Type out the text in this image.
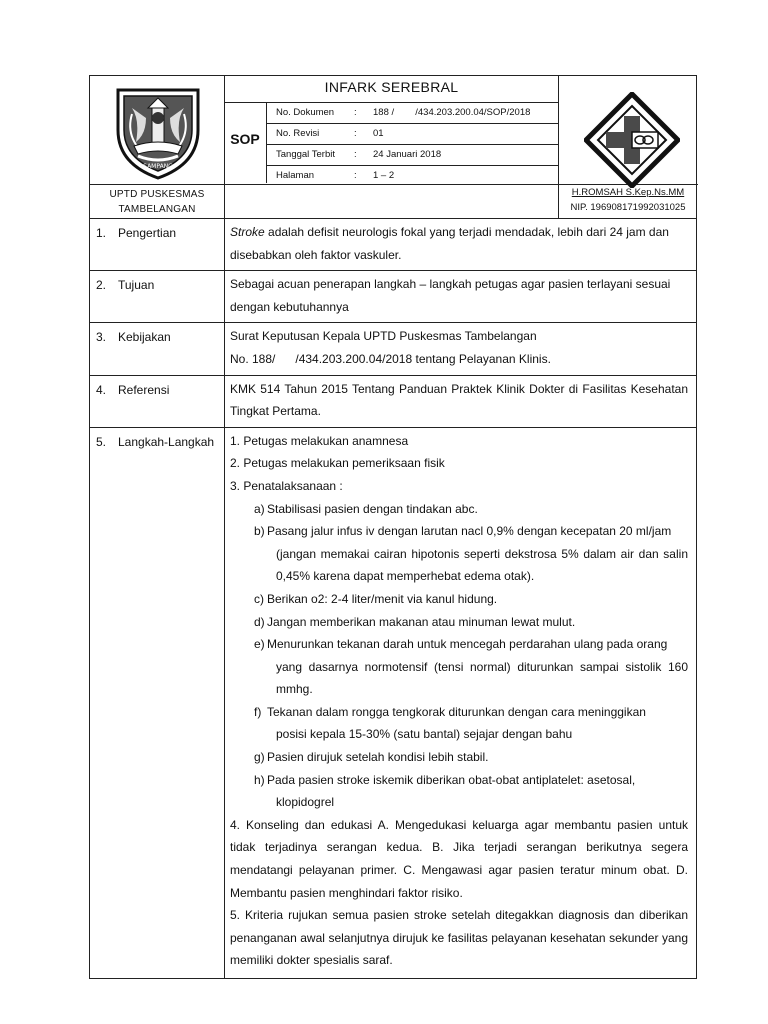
SAMPANG
UPTD PUSKESMAS
TAMBELANGAN
INFARK SEREBRAL
SOP
No. Dokumen : 188 /        /434.203.200.04/SOP/2018
No. Revisi	: 01
Tanggal Terbit : 24 Januari 2018
Halaman	: 1 – 2
H.ROMSAH S.Kep.Ns.MM
NIP. 196908171992031025
1. Pengertian	Stroke adalah defisit neurologis fokal yang terjadi mendadak, lebih dari 24 jam dan

disebabkan oleh faktor vaskuler.

2. Tujuan	Sebagai acuan penerapan langkah – langkah petugas agar pasien terlayani sesuai

dengan kebutuhannya

3. Kebijakan	Surat Keputusan Kepala UPTD Puskesmas Tambelangan

No. 188/      /434.203.200.04/2018 tentang Pelayanan Klinis.

4. Referensi	KMK 514 Tahun 2015 Tentang Panduan Praktek Klinik Dokter di Fasilitas Kesehatan Tingkat Pertama.

5. Langkah-Langkah	1. Petugas melakukan anamnesa

2. Petugas melakukan pemeriksaan fisik

3. Penatalaksanaan :

a) Stabilisasi pasien dengan tindakan abc.
b) Pasang jalur infus iv dengan larutan nacl 0,9% dengan kecepatan 20 ml/jam
(jangan memakai cairan hipotonis seperti dekstrosa 5% dalam air dan salin 0,45% karena dapat memperhebat edema otak).
c) Berikan o2: 2-4 liter/menit via kanul hidung.
d) Jangan memberikan makanan atau minuman lewat mulut.
e) Menurunkan tekanan darah untuk mencegah perdarahan ulang pada orang
yang dasarnya normotensif (tensi normal) diturunkan sampai sistolik 160 mmhg.
f) Tekanan dalam rongga tengkorak diturunkan dengan cara meninggikan
posisi kepala 15-30% (satu bantal) sejajar dengan bahu
g) Pasien dirujuk setelah kondisi lebih stabil.
h) Pada pasien stroke iskemik diberikan obat-obat antiplatelet: asetosal,
klopidogrel

4. Konseling dan edukasi A. Mengedukasi keluarga agar membantu pasien untuk tidak terjadinya serangan kedua. B. Jika terjadi serangan berikutnya segera mendatangi pelayanan primer. C. Mengawasi agar pasien teratur minum obat. D. Membantu pasien menghindari faktor risiko.

5. Kriteria rujukan semua pasien stroke setelah ditegakkan diagnosis dan diberikan penanganan awal selanjutnya dirujuk ke fasilitas pelayanan kesehatan sekunder yang memiliki dokter spesialis saraf.
